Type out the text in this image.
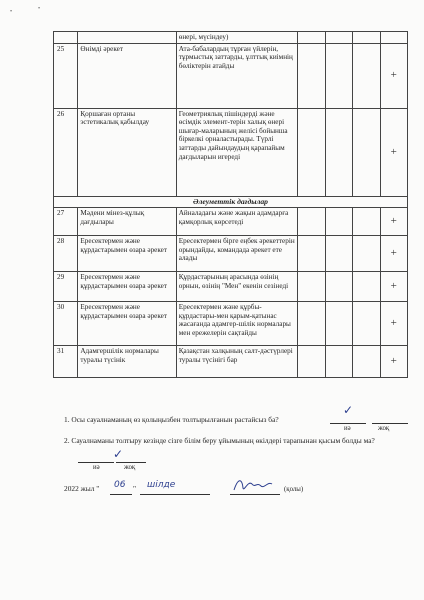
•	•
		өнері, мүсіндеу)				
25	Өнімді әрекет	Ата-бабалардың тұрған үйлерін, тұрмыстық заттарды, ұлттық киімнің бөліктерін атайды				+
26	Қоршаған ортаны эстетикалық қабылдау	Геометриялық пішіндерді және өсімдік элемент-терін халық өнері шығар-маларының желісі бойынша біркелкі орналастырады. Түрлі заттарды дайындаудың қарапайым дағдыларын игереді				+
Әлеуметтік дағдылар						
27	Мәдени мінез-құлық дағдылары	Айналадағы және жақын адамдарға қамқорлық көрсетеді				+
28	Ересектермен және құрдастарымен өзара әрекет	Ересектермен бірге еңбек әрекеттерін орындайды, командада әрекет ете алады				+
29	Ересектермен және құрдастарымен өзара әрекет	Құрдастарының арасында өзінің орнын, өзінің "Мен" екенін сезінеді				+
30	Ересектермен және құрдастарымен өзара әрекет	Ересектермен және құрбы-құрдастары-мен қарым-қатынас жасағанда адамгер-шілік нормалары мен ережелерін сақтайды				+
31	Адамгершілік нормалары туралы түсінік	Қазақстан халқының салт-дәстүрлері туралы түсінігі бар				+
1. Осы сауалнаманың өз қолыңызбен толтырылғанын растайсыз ба?
✓
иә	жоқ
2. Сауалнаманы толтыру кезінде сізге білім беру ұйымының өкілдері тарапынан қысым болды ма?
✓
иә	жоқ
2022 жыл " 06 " шілде	(қолы)
